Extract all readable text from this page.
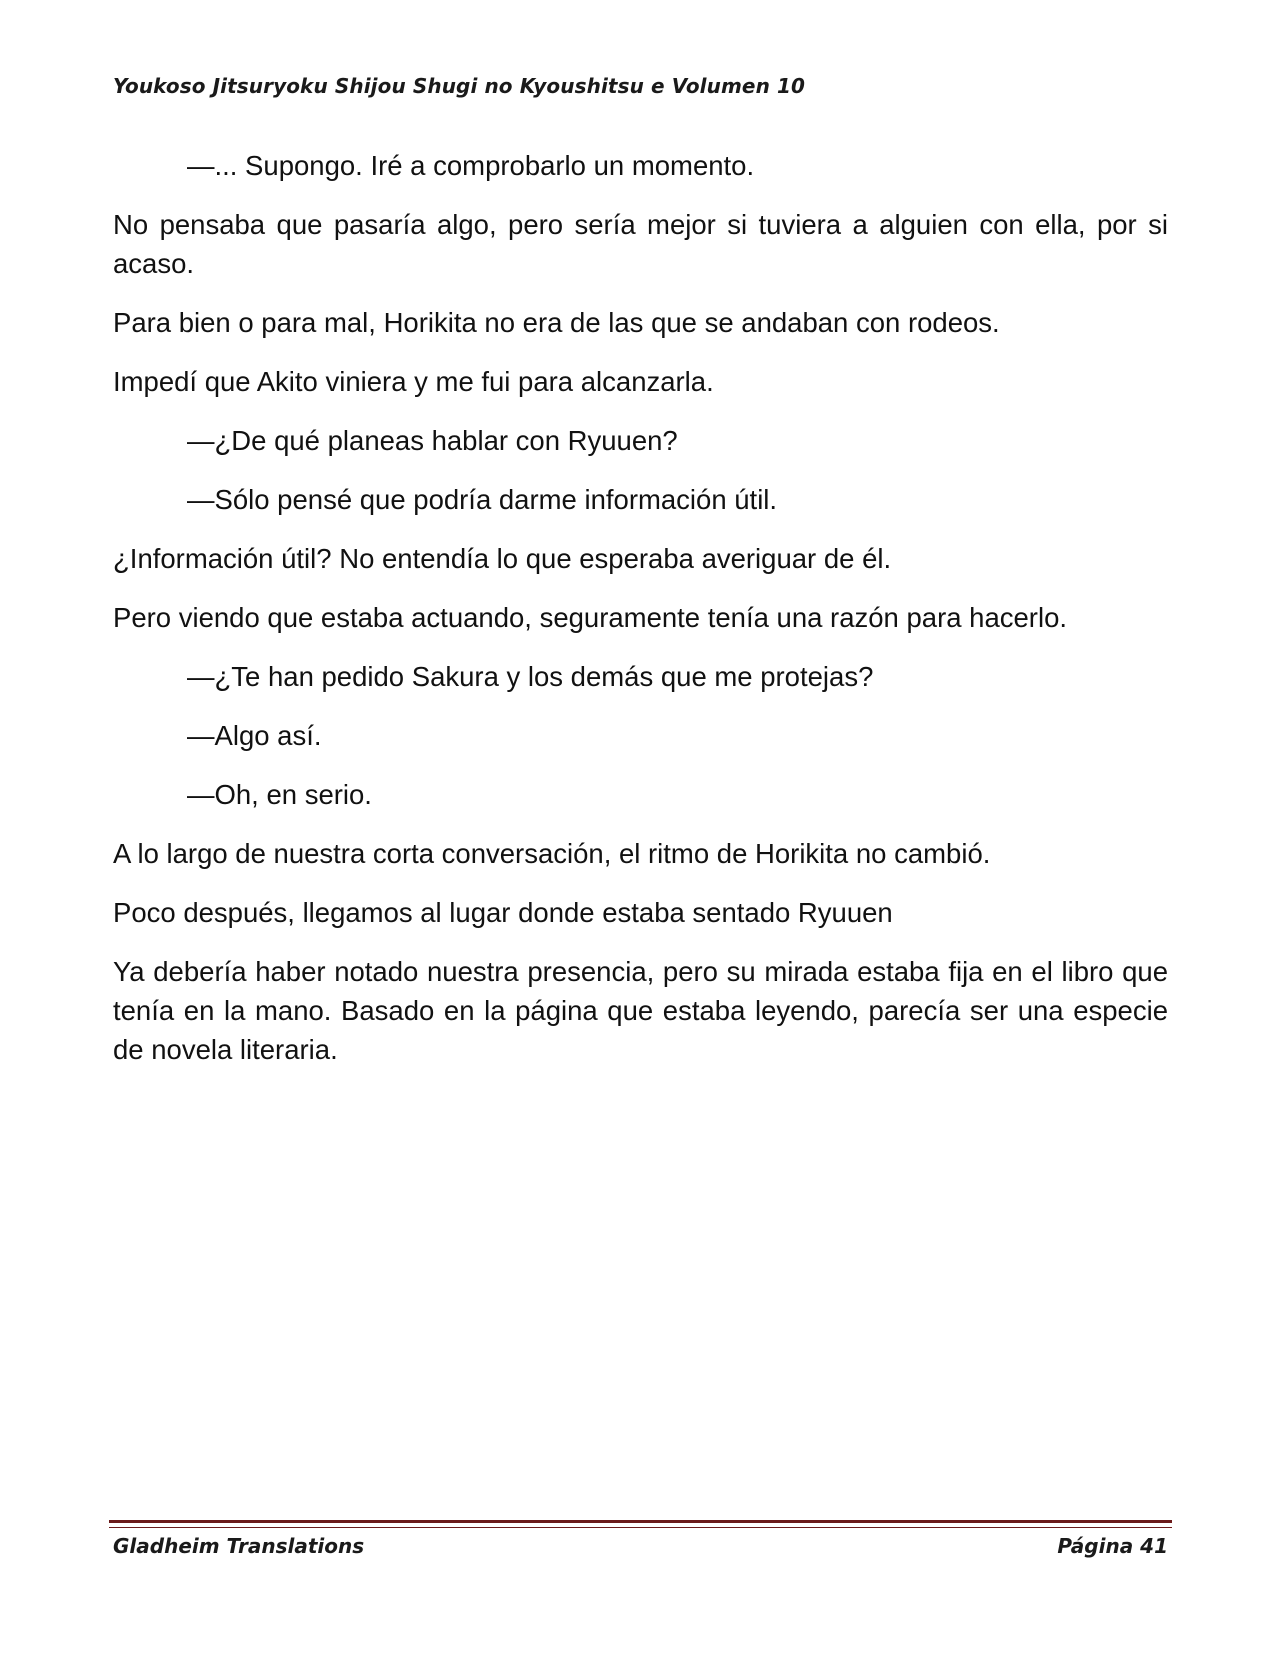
Youkoso Jitsuryoku Shijou Shugi no Kyoushitsu e Volumen 10

—... Supongo. Iré a comprobarlo un momento.

No pensaba que pasaría algo, pero sería mejor si tuviera a alguien con ella, por si acaso.

Para bien o para mal, Horikita no era de las que se andaban con rodeos.

Impedí que Akito viniera y me fui para alcanzarla.

—¿De qué planeas hablar con Ryuuen?

—Sólo pensé que podría darme información útil.

¿Información útil? No entendía lo que esperaba averiguar de él.

Pero viendo que estaba actuando, seguramente tenía una razón para hacerlo.

—¿Te han pedido Sakura y los demás que me protejas?

—Algo así.

—Oh, en serio.

A lo largo de nuestra corta conversación, el ritmo de Horikita no cambió.

Poco después, llegamos al lugar donde estaba sentado Ryuuen

Ya debería haber notado nuestra presencia, pero su mirada estaba fija en el libro que tenía en la mano. Basado en la página que estaba leyendo, parecía ser una especie de novela literaria.

Gladheim Translations	Página 41
